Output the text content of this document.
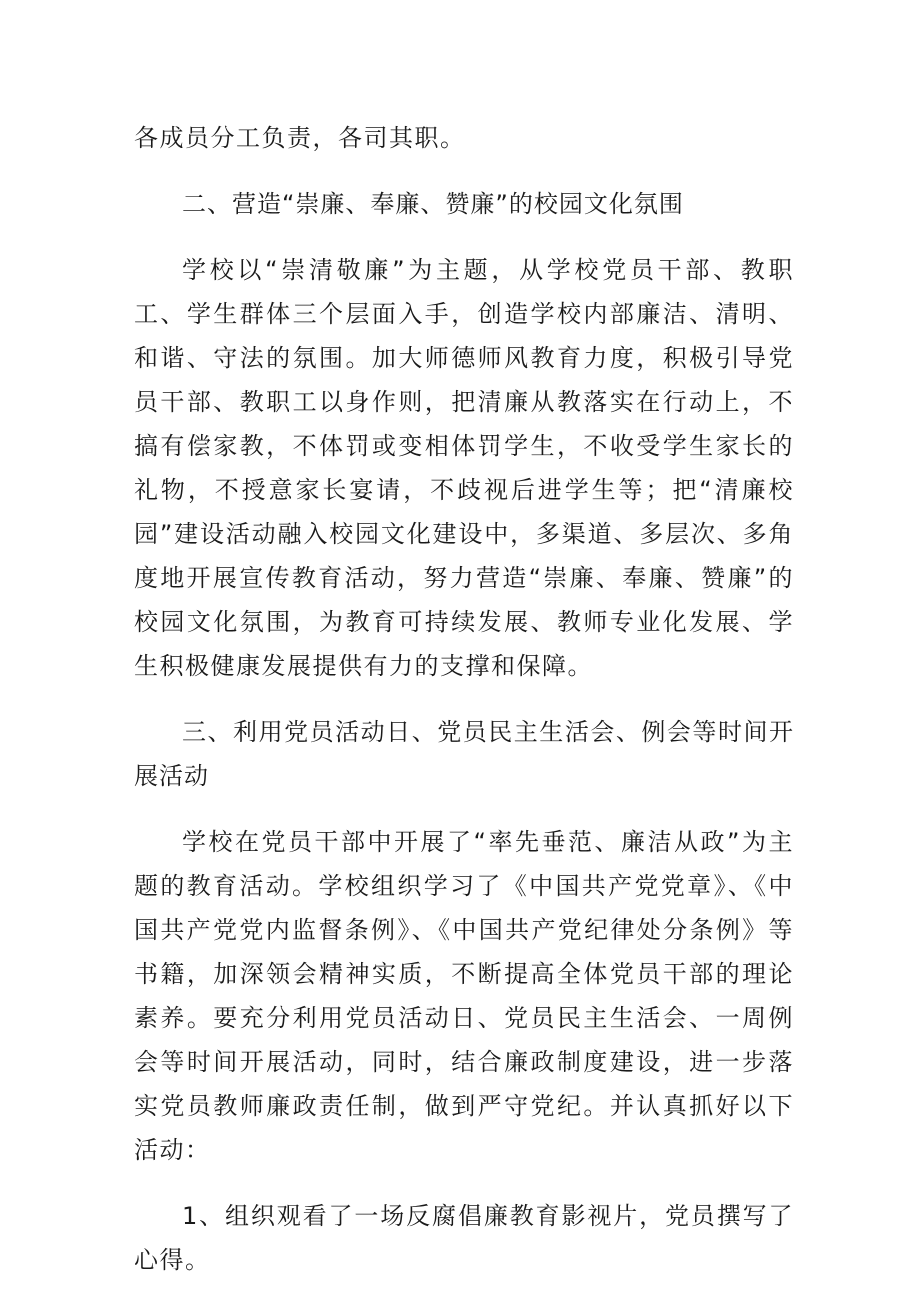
各成员分工负责，各司其职。

二、营造“崇廉、奉廉、赞廉”的校园文化氛围

学校以“崇清敬廉”为主题，从学校党员干部、教职工、学生群体三个层面入手，创造学校内部廉洁、清明、和谐、守法的氛围。加大师德师风教育力度，积极引导党员干部、教职工以身作则，把清廉从教落实在行动上，不搞有偿家教，不体罚或变相体罚学生，不收受学生家长的礼物，不授意家长宴请，不歧视后进学生等；把“清廉校园”建设活动融入校园文化建设中，多渠道、多层次、多角度地开展宣传教育活动，努力营造“崇廉、奉廉、赞廉”的校园文化氛围，为教育可持续发展、教师专业化发展、学生积极健康发展提供有力的支撑和保障。

三、利用党员活动日、党员民主生活会、例会等时间开展活动

学校在党员干部中开展了“率先垂范、廉洁从政”为主题的教育活动。学校组织学习了《中国共产党党章》、《中国共产党党内监督条例》、《中国共产党纪律处分条例》等书籍，加深领会精神实质，不断提高全体党员干部的理论素养。要充分利用党员活动日、党员民主生活会、一周例会等时间开展活动，同时，结合廉政制度建设，进一步落实党员教师廉政责任制，做到严守党纪。并认真抓好以下活动：

1、组织观看了一场反腐倡廉教育影视片，党员撰写了心得。
